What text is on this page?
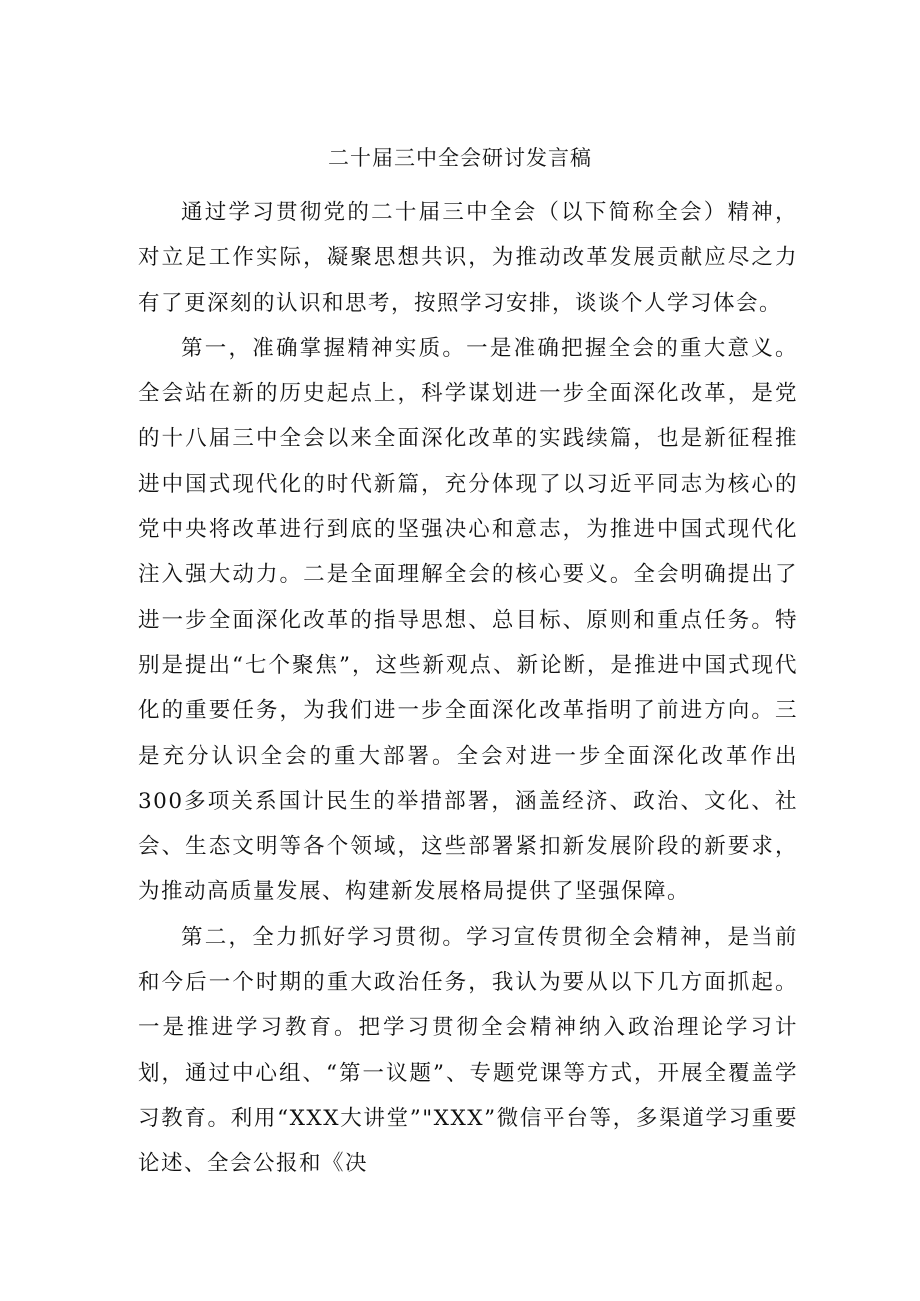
二十届三中全会研讨发言稿

通过学习贯彻党的二十届三中全会（以下简称全会）精神，对立足工作实际，凝聚思想共识，为推动改革发展贡献应尽之力有了更深刻的认识和思考，按照学习安排，谈谈个人学习体会。

第一，准确掌握精神实质。一是准确把握全会的重大意义。全会站在新的历史起点上，科学谋划进一步全面深化改革，是党的十八届三中全会以来全面深化改革的实践续篇，也是新征程推进中国式现代化的时代新篇，充分体现了以习近平同志为核心的党中央将改革进行到底的坚强决心和意志，为推进中国式现代化注入强大动力。二是全面理解全会的核心要义。全会明确提出了进一步全面深化改革的指导思想、总目标、原则和重点任务。特别是提出“七个聚焦”，这些新观点、新论断，是推进中国式现代化的重要任务，为我们进一步全面深化改革指明了前进方向。三是充分认识全会的重大部署。全会对进一步全面深化改革作出300多项关系国计民生的举措部署，涵盖经济、政治、文化、社会、生态文明等各个领域，这些部署紧扣新发展阶段的新要求，为推动高质量发展、构建新发展格局提供了坚强保障。

第二，全力抓好学习贯彻。学习宣传贯彻全会精神，是当前和今后一个时期的重大政治任务，我认为要从以下几方面抓起。一是推进学习教育。把学习贯彻全会精神纳入政治理论学习计划，通过中心组、“第一议题”、专题党课等方式，开展全覆盖学习教育。利用“XXX大讲堂”"XXX”微信平台等，多渠道学习重要论述、全会公报和《决
